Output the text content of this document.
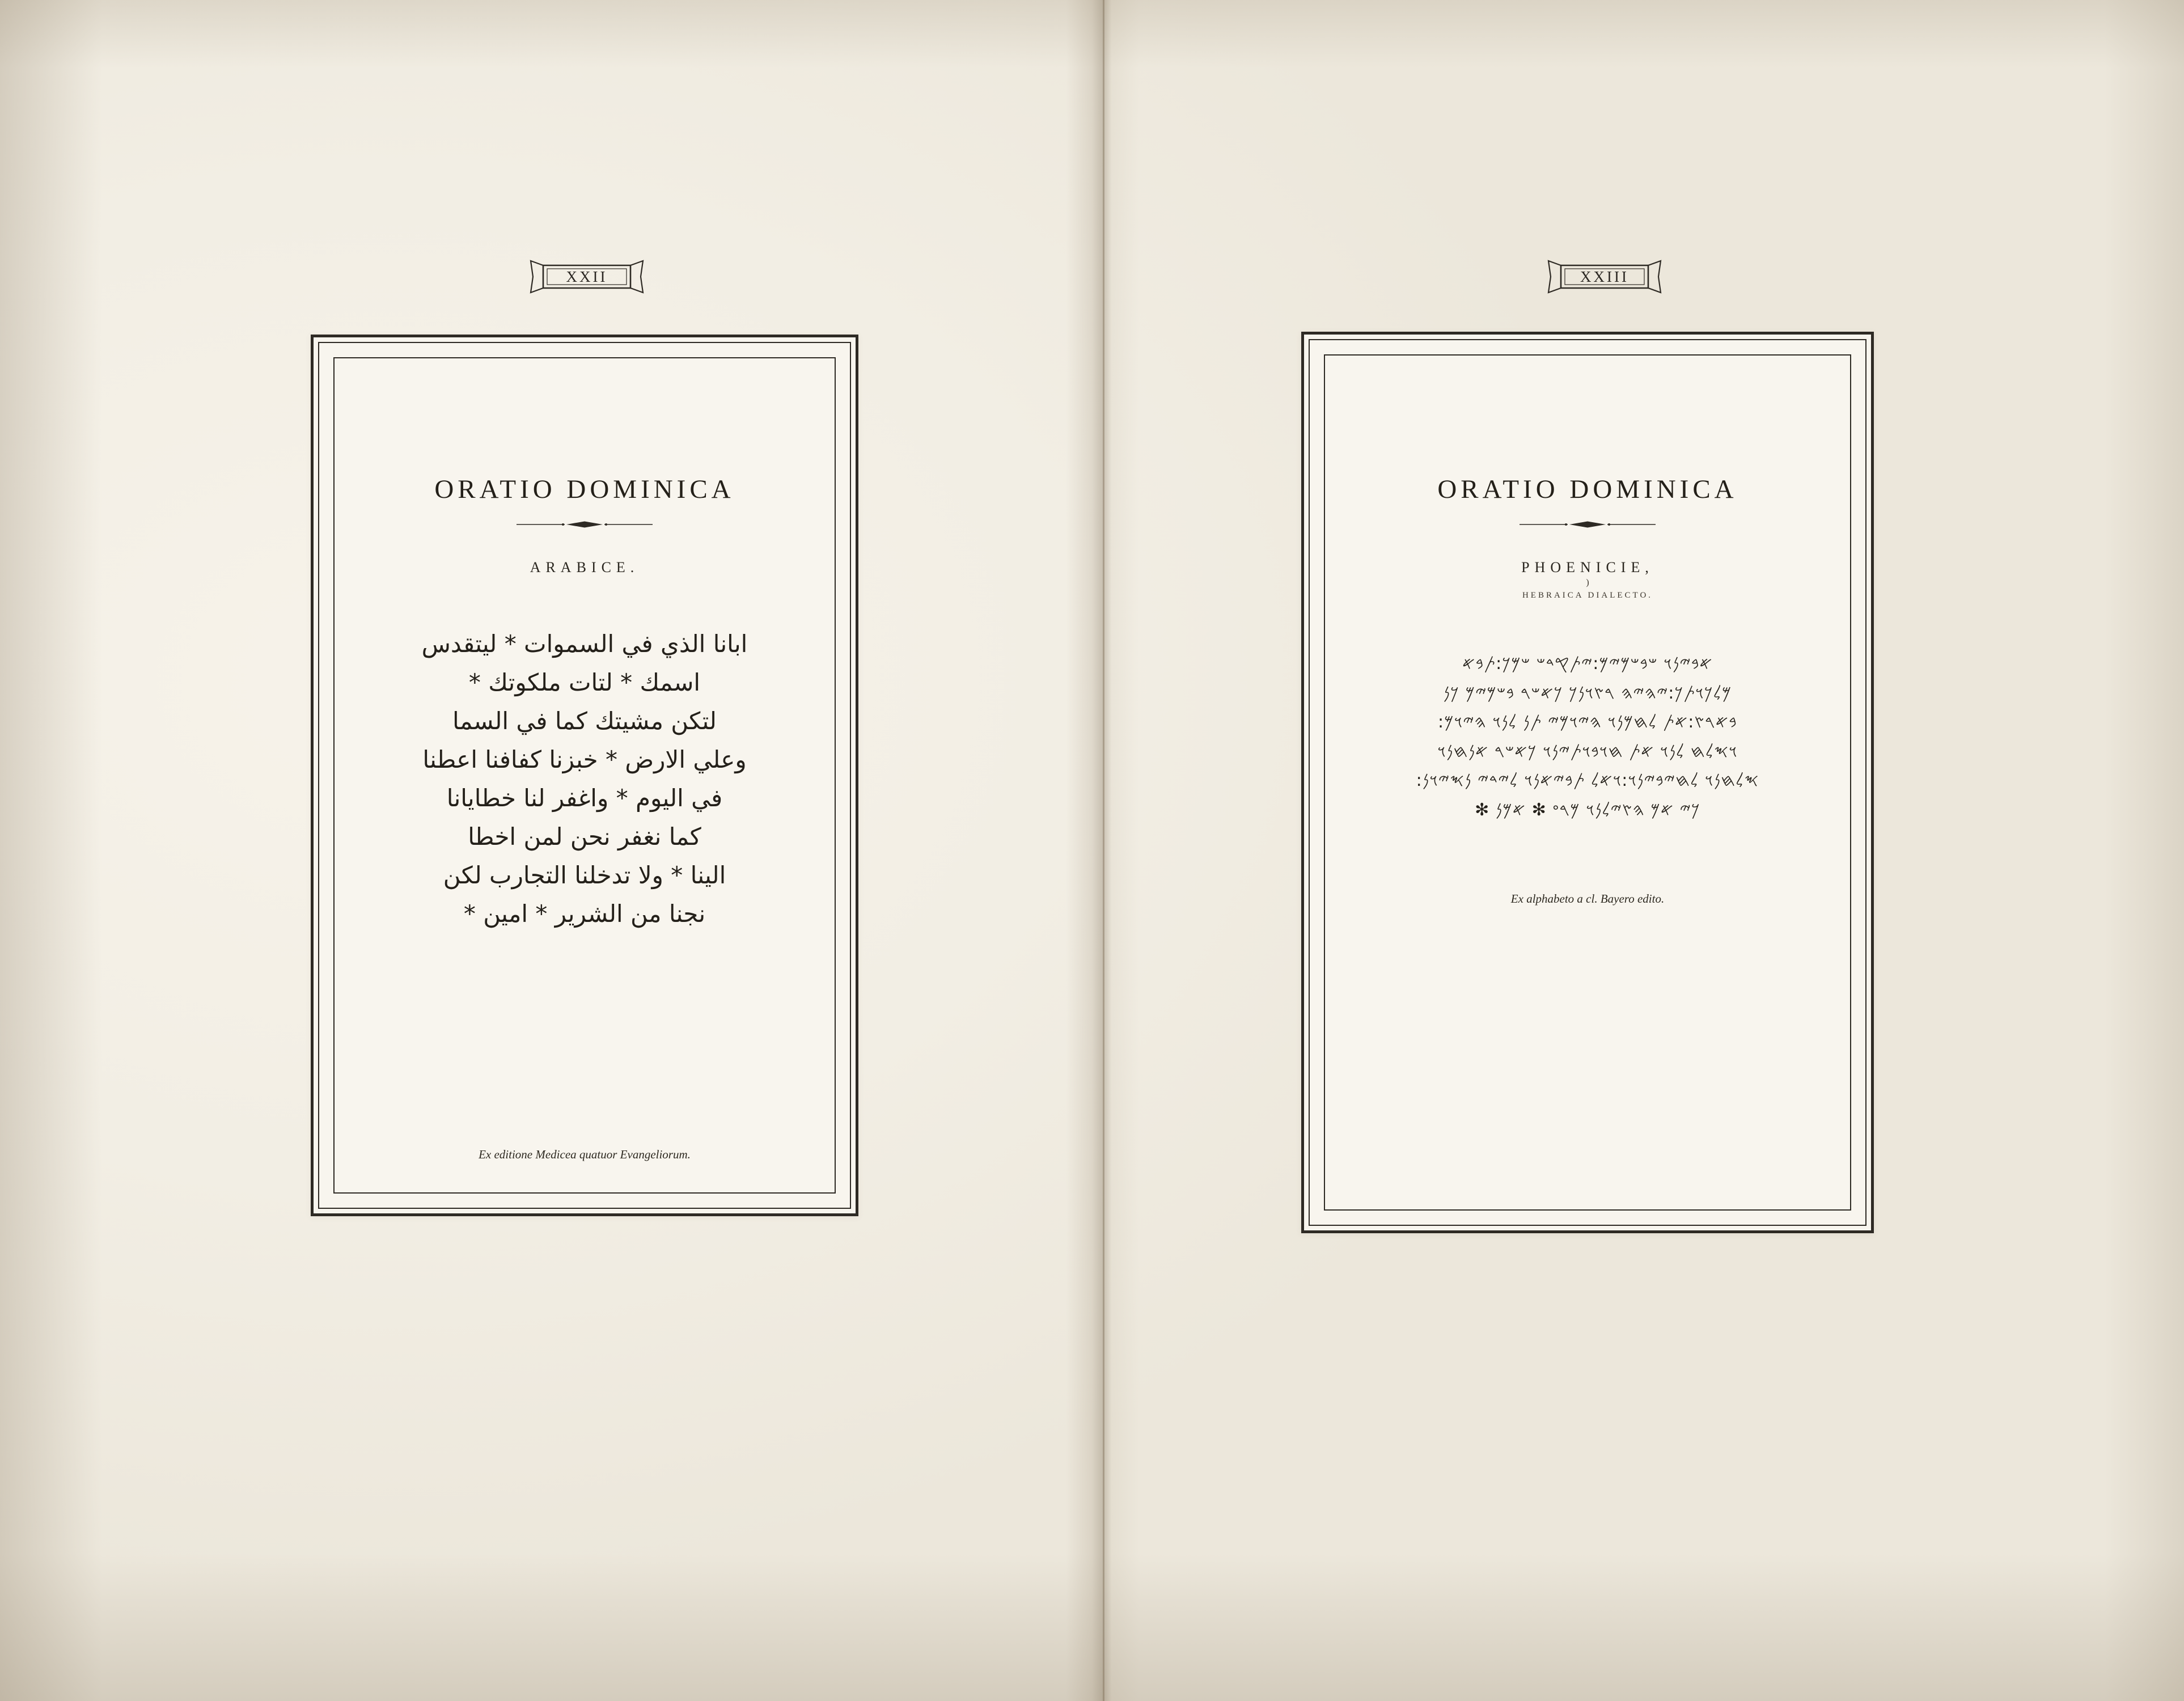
XXII
ORATIO DOMINICA
ARABICE.
ابانا الذي في السموات * ليتقدس
اسمك * لتات ملكوتك *
لتكن مشيتك كما في السما
وعلي الارض * خبزنا كفافنا اعطنا
في اليوم * واغفر لنا خطايانا
كما نغفر نحن لمن اخطا
الينا * ولا تدخلنا التجارب لكن
نجنا من الشرير * امين *
Ex editione Medicea quatuor Evangeliorum.
XXIII
ORATIO DOMINICA
PHOENICIE,
)
HEBRAICA DIALECTO.
𐤀𐤁𐤉𐤍𐤅 𐤔𐤁𐤔𐤌𐤉𐤌:𐤉𐤕𐤒𐤃𐤔 𐤔𐤌𐤊:𐤕𐤁𐤀
𐤌𐤋𐤊𐤅𐤕𐤊:𐤉𐤄𐤉𐤄 𐤓𐤑𐤅𐤍𐤊 𐤊𐤀𐤔𐤓 𐤁𐤔𐤌𐤉𐤌 𐤊𐤍
𐤁𐤀𐤓𐤑:𐤀𐤕 𐤋𐤇𐤌𐤍𐤅 𐤄𐤉𐤅𐤌𐤉 𐤕𐤍 𐤋𐤍𐤅 𐤄𐤉𐤅𐤌:
𐤅𐤎𐤋𐤇 𐤋𐤍𐤅 𐤀𐤕 𐤇𐤅𐤁𐤅𐤕𐤉𐤍𐤅 𐤊𐤀𐤔𐤓 𐤀𐤍𐤇𐤍𐤅
𐤎𐤋𐤇𐤍𐤅 𐤋𐤇𐤉𐤁𐤉𐤍𐤅:𐤅𐤀𐤋 𐤕𐤁𐤉𐤀𐤍𐤅 𐤋𐤉𐤃𐤉 𐤍𐤎𐤉𐤅𐤍:
𐤊𐤉 𐤀𐤌 𐤄𐤑𐤉𐤋𐤍𐤅 𐤌𐤓𐤏 ✻ 𐤀𐤌𐤍 ✻
Ex alphabeto a cl. Bayero edito.
